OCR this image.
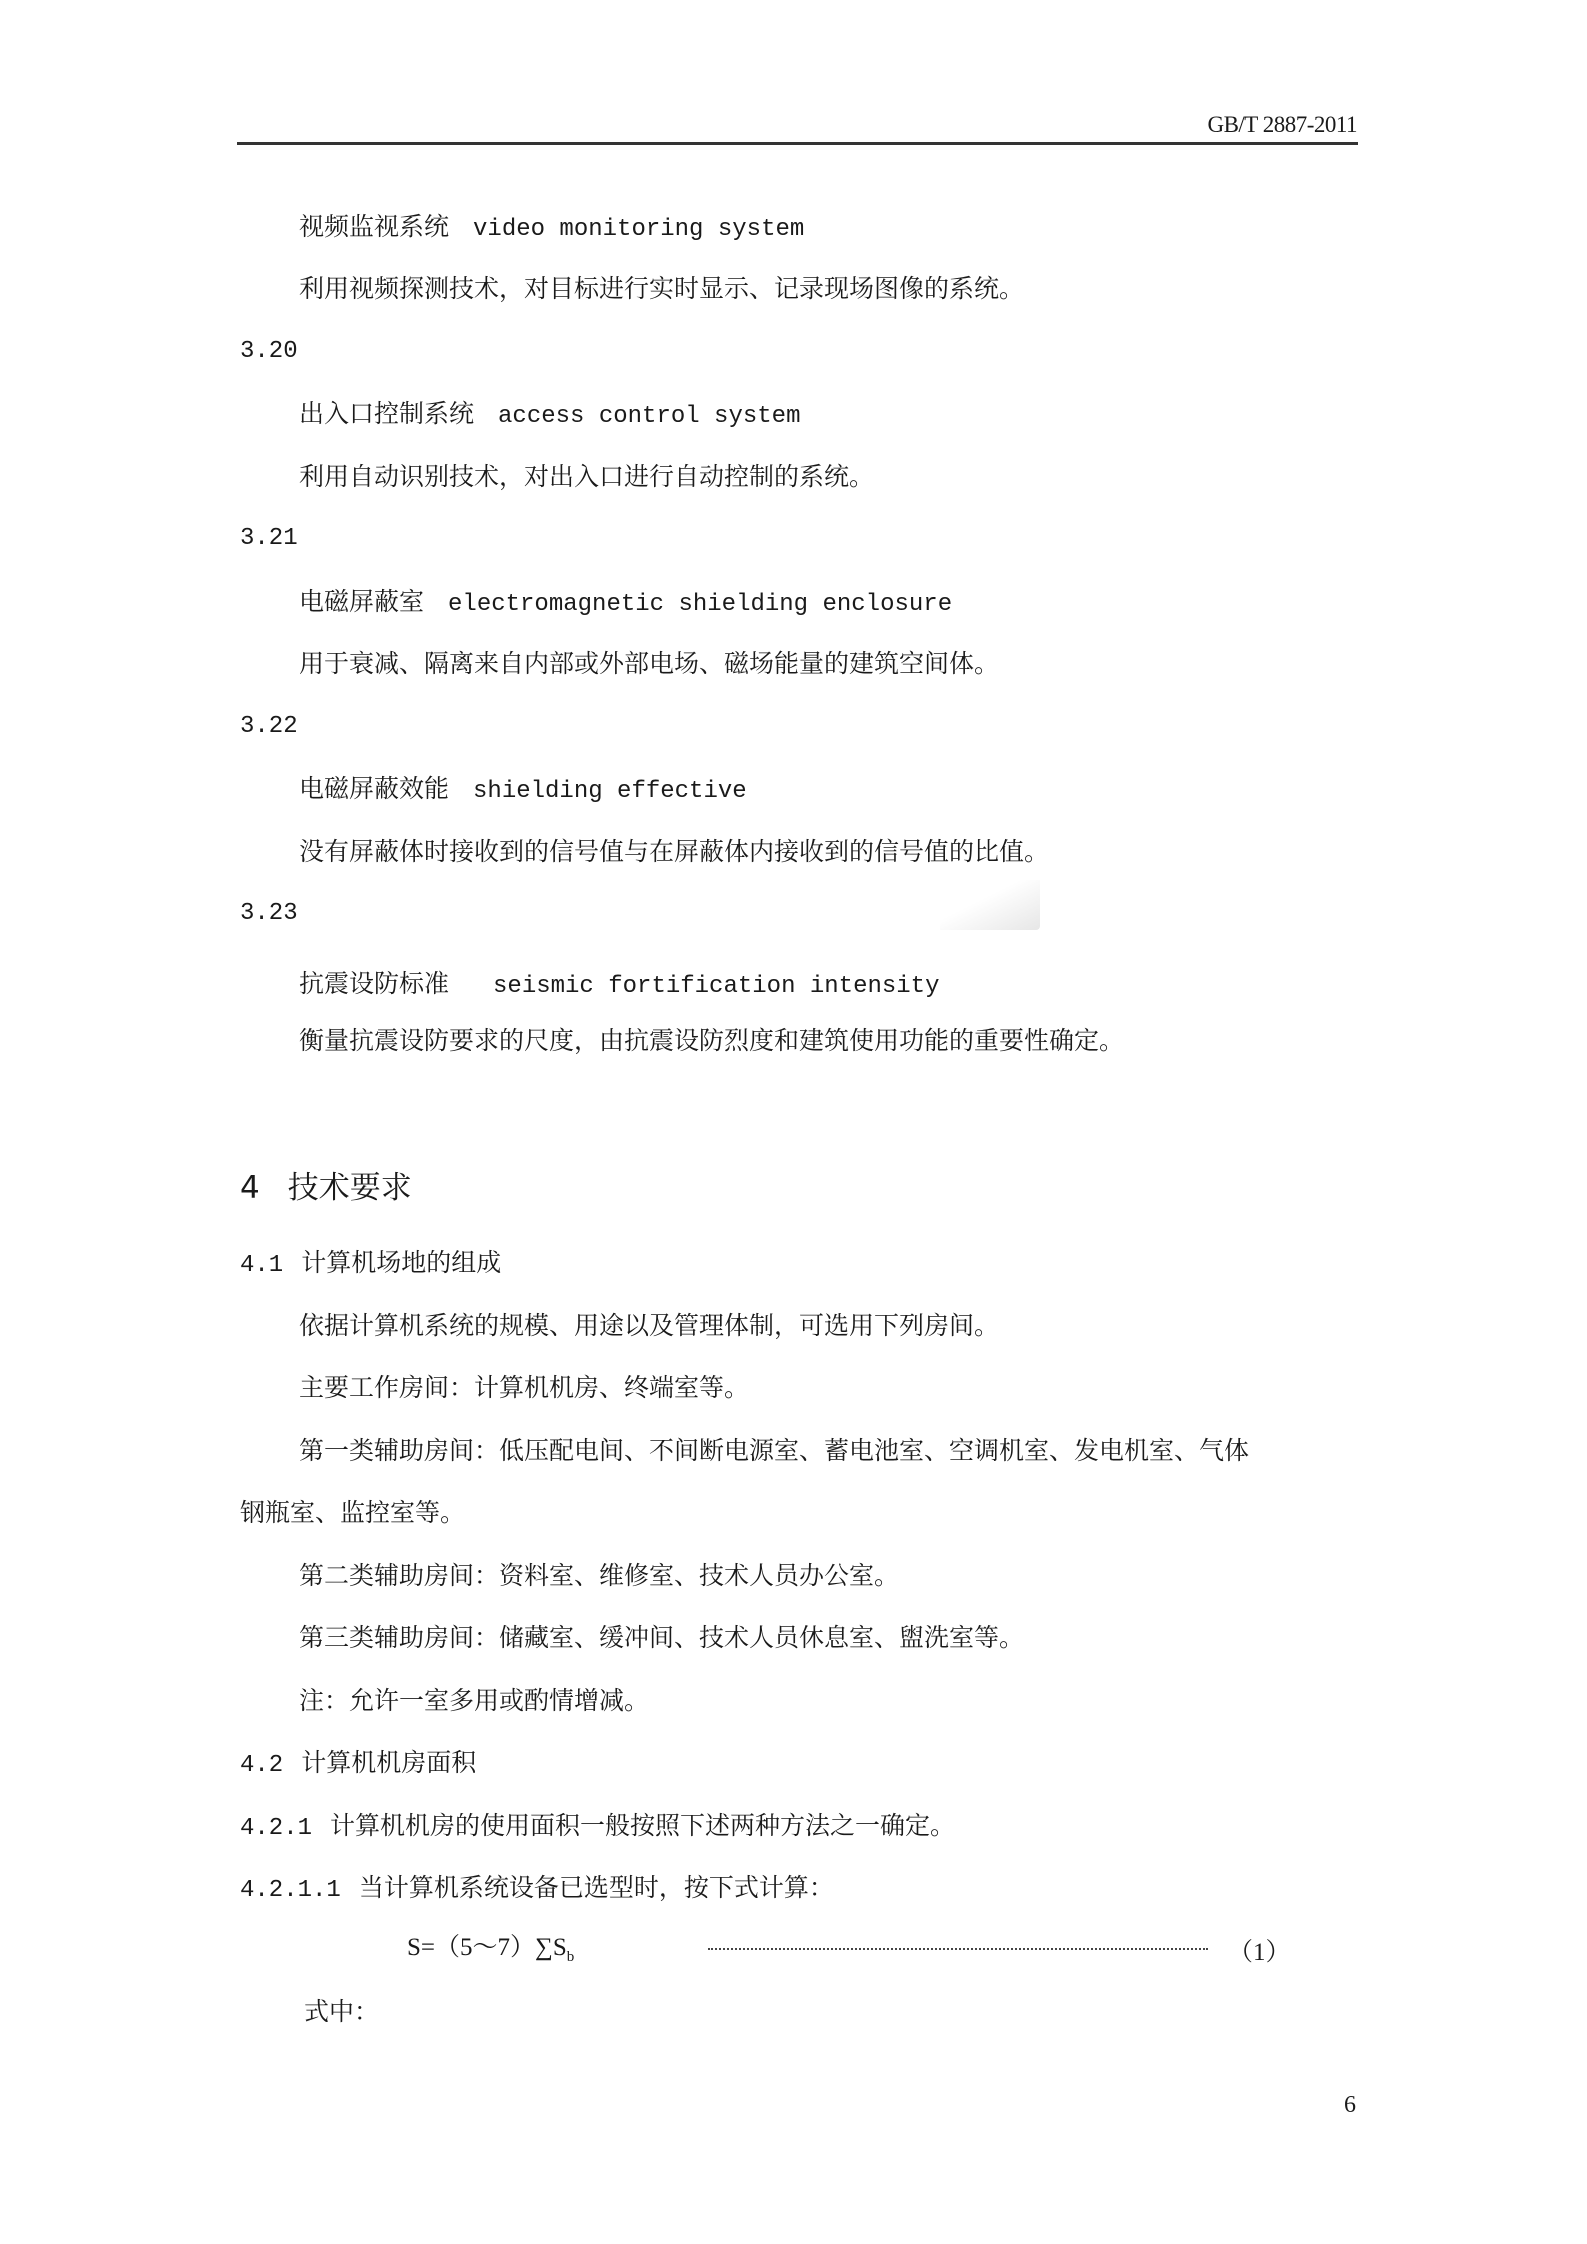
GB/T 2887-2011
视频监视系统 video monitoring system
利用视频探测技术，对目标进行实时显示、记录现场图像的系统。
3.20
出入口控制系统 access control system
利用自动识别技术，对出入口进行自动控制的系统。
3.21
电磁屏蔽室 electromagnetic shielding enclosure
用于衰减、隔离来自内部或外部电场、磁场能量的建筑空间体。
3.22
电磁屏蔽效能 shielding effective
没有屏蔽体时接收到的信号值与在屏蔽体内接收到的信号值的比值。
3.23
抗震设防标准 seismic fortification intensity
衡量抗震设防要求的尺度，由抗震设防烈度和建筑使用功能的重要性确定。
4 技术要求
4.1 计算机场地的组成
依据计算机系统的规模、用途以及管理体制，可选用下列房间。
主要工作房间：计算机机房、终端室等。
第一类辅助房间：低压配电间、不间断电源室、蓄电池室、空调机室、发电机室、气体
钢瓶室、监控室等。
第二类辅助房间：资料室、维修室、技术人员办公室。
第三类辅助房间：储藏室、缓冲间、技术人员休息室、盥洗室等。
注：允许一室多用或酌情增减。
4.2 计算机机房面积
4.2.1 计算机机房的使用面积一般按照下述两种方法之一确定。
4.2.1.1 当计算机系统设备已选型时，按下式计算：
$S=(5\sim 7)\sum S_b$	（1）
式中：
6
